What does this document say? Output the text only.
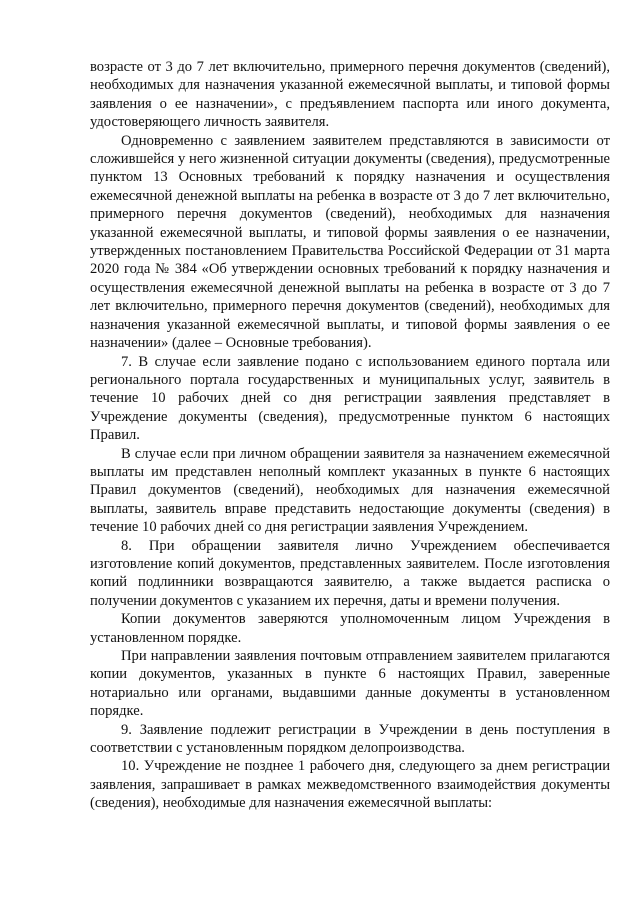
возрасте от 3 до 7 лет включительно, примерного перечня документов (сведений), необходимых для назначения указанной ежемесячной выплаты, и типовой формы заявления о ее назначении», с предъявлением паспорта или иного документа, удостоверяющего личность заявителя.

Одновременно с заявлением заявителем представляются в зависимости от сложившейся у него жизненной ситуации документы (сведения), предусмотренные пунктом 13 Основных требований к порядку назначения и осуществления ежемесячной денежной выплаты на ребенка в возрасте от 3 до 7 лет включительно, примерного перечня документов (сведений), необходимых для назначения указанной ежемесячной выплаты, и типовой формы заявления о ее назначении, утвержденных постановлением Правительства Российской Федерации от 31 марта 2020 года № 384 «Об утверждении основных требований к порядку назначения и осуществления ежемесячной денежной выплаты на ребенка в возрасте от 3 до 7 лет включительно, примерного перечня документов (сведений), необходимых для назначения указанной ежемесячной выплаты, и типовой формы заявления о ее назначении» (далее – Основные требования).

7. В случае если заявление подано с использованием единого портала или регионального портала государственных и муниципальных услуг, заявитель в течение 10 рабочих дней со дня регистрации заявления представляет в Учреждение документы (сведения), предусмотренные пунктом 6 настоящих Правил.

В случае если при личном обращении заявителя за назначением ежемесячной выплаты им представлен неполный комплект указанных в пункте 6 настоящих Правил документов (сведений), необходимых для назначения ежемесячной выплаты, заявитель вправе представить недостающие документы (сведения) в течение 10 рабочих дней со дня регистрации заявления Учреждением.

8. При обращении заявителя лично Учреждением обеспечивается изготовление копий документов, представленных заявителем. После изготовления копий подлинники возвращаются заявителю, а также выдается расписка о получении документов с указанием их перечня, даты и времени получения.

Копии документов заверяются уполномоченным лицом Учреждения в установленном порядке.

При направлении заявления почтовым отправлением заявителем прилагаются копии документов, указанных в пункте 6 настоящих Правил, заверенные нотариально или органами, выдавшими данные документы в установленном порядке.

9. Заявление подлежит регистрации в Учреждении в день поступления в соответствии с установленным порядком делопроизводства.

10. Учреждение не позднее 1 рабочего дня, следующего за днем регистрации заявления, запрашивает в рамках межведомственного взаимодействия документы (сведения), необходимые для назначения ежемесячной выплаты:
